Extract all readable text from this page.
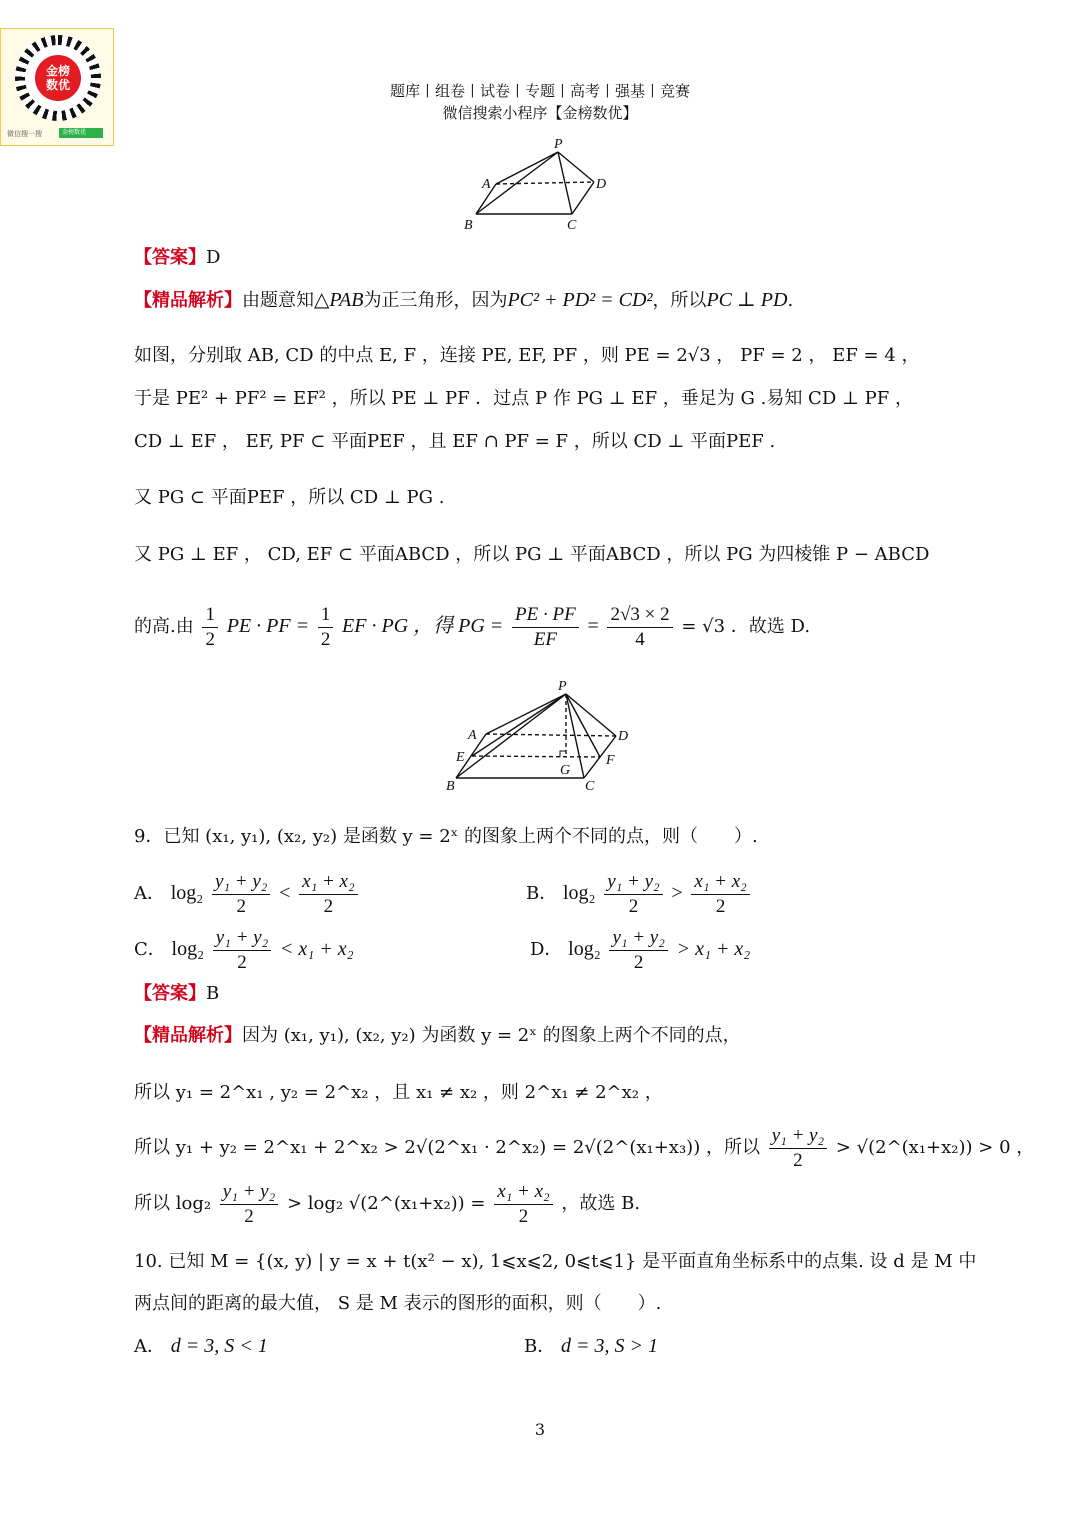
金榜
数优
微信搜一搜	金榜数优
题库丨组卷丨试卷丨专题丨高考丨强基丨竞赛
微信搜索小程序【金榜数优】
P
A	D
B	C
【答案】D
【精品解析】由题意知△PAB为正三角形，因为PC² + PD² = CD²，所以PC ⊥ PD.
如图，分别取 AB, CD 的中点 E, F ，连接 PE, EF, PF ，则 PE = 2√3 ， PF = 2 ， EF = 4 ，
于是 PE² + PF² = EF² ，所以 PE ⊥ PF ．过点 P 作 PG ⊥ EF ，垂足为 G .易知 CD ⊥ PF ，
CD ⊥ EF ， EF, PF ⊂ 平面PEF ，且 EF ∩ PF = F ，所以 CD ⊥ 平面PEF .
又 PG ⊂ 平面PEF ，所以 CD ⊥ PG .
又 PG ⊥ EF ， CD, EF ⊂ 平面ABCD ，所以 PG ⊥ 平面ABCD ，所以 PG 为四棱锥 P − ABCD
的高.由 $\frac{1}{2}$ PE · PF = $\frac{1}{2}$ EF · PG ，得 PG = $\frac{PE \cdot PF}{EF} = \frac{2√3 \times 2}{4} = √3$ ．故选 D.
P
A	D
E	F
G
B	C
9．已知 (x₁, y₁), (x₂, y₂) 是函数 y = 2ˣ 的图象上两个不同的点，则（　　）.
A． $\log_2 \frac{\text{y₁ + y₂}}{2} < \frac{\text{x₁ + x₂}}{2}$	B． $\log_2 \frac{\text{y₁ + y₂}}{2} > \frac{\text{x₁ + x₂}}{2}$
C． $\log_2 \frac{\text{y₁ + y₂}}{2} < x_1 + x_2$	D． $\log_2 \frac{\text{y₁ + y₂}}{2} > x_1 + x_2$
【答案】B
【精品解析】因为 (x₁, y₁), (x₂, y₂) 为函数 y = 2ˣ 的图象上两个不同的点，
所以 y₁ = 2^x₁ , y₂ = 2^x₂ ，且 x₁ ≠ x₂ ，则 2^x₁ ≠ 2^x₂ ，
所以 y₁ + y₂ = 2^x₁ + 2^x₂ > 2√(2^x₁ · 2^x₂) = 2√(2^(x₁+x₃)) ，所以 $\frac{\text{y₁ + y₂}}{2}$ > √(2^(x₁+x₂)) > 0 ，
所以 $\log_2 \frac{\text{y₁ + y₂}}{2} > \log_2$ √(2^(x₁+x₂)) = $\frac{\text{x₁ + x₂}}{2}$ ，故选 B.
10. 已知 M = {(x, y) | y = x + t(x² − x), 1⩽x⩽2, 0⩽t⩽1} 是平面直角坐标系中的点集. 设 d 是 M 中
两点间的距离的最大值， S 是 M 表示的图形的面积，则（　　）.
A． d = 3, S < 1	B． d = 3, S > 1
3
